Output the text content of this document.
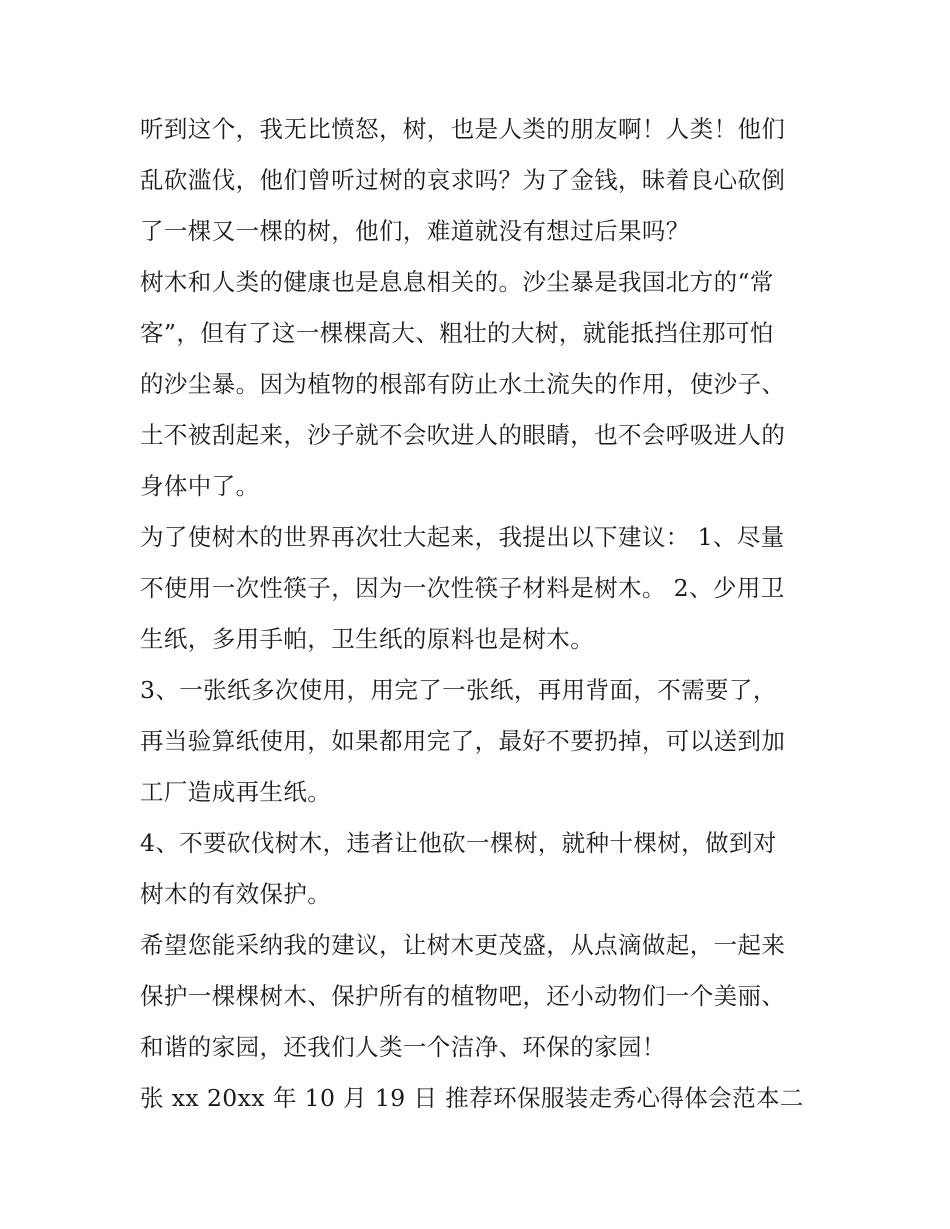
听到这个，我无比愤怒，树，也是人类的朋友啊！人类！他们
乱砍滥伐，他们曾听过树的哀求吗？为了金钱，昧着良心砍倒
了一棵又一棵的树，他们，难道就没有想过后果吗？
树木和人类的健康也是息息相关的。沙尘暴是我国北方的“常
客”，但有了这一棵棵高大、粗壮的大树，就能抵挡住那可怕
的沙尘暴。因为植物的根部有防止水土流失的作用，使沙子、
土不被刮起来，沙子就不会吹进人的眼睛，也不会呼吸进人的
身体中了。
为了使树木的世界再次壮大起来，我提出以下建议： 1、尽量
不使用一次性筷子，因为一次性筷子材料是树木。 2、少用卫
生纸，多用手帕，卫生纸的原料也是树木。
3、一张纸多次使用，用完了一张纸，再用背面，不需要了，
再当验算纸使用，如果都用完了，最好不要扔掉，可以送到加
工厂造成再生纸。
4、不要砍伐树木，违者让他砍一棵树，就种十棵树，做到对
树木的有效保护。
希望您能采纳我的建议，让树木更茂盛，从点滴做起，一起来
保护一棵棵树木、保护所有的植物吧，还小动物们一个美丽、
和谐的家园，还我们人类一个洁净、环保的家园！
张 xx 20xx 年 10 月 19 日 推荐环保服装走秀心得体会范本二
